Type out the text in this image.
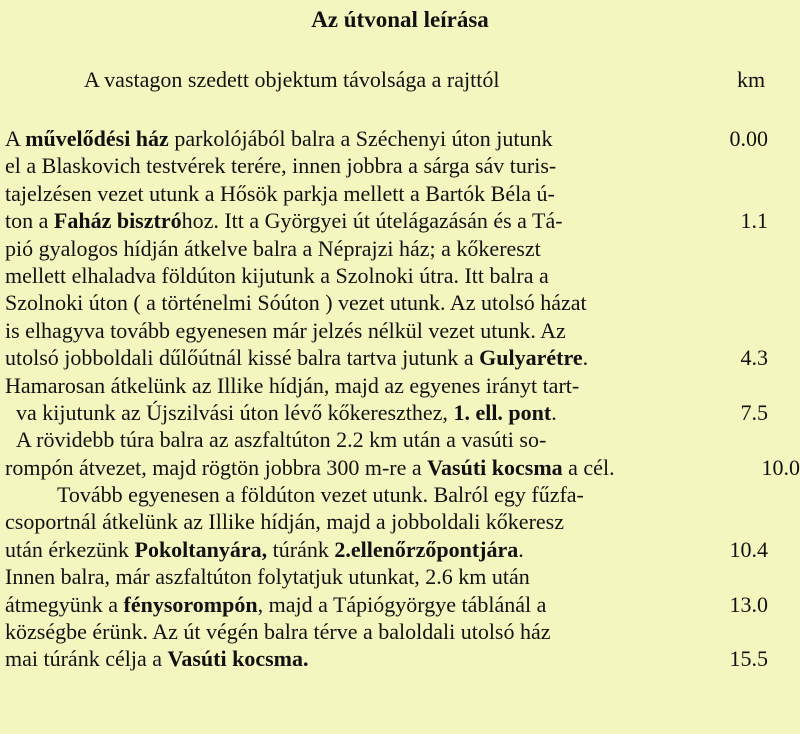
Az útvonal leírása
A vastagon szedett objektum távolsága a rajttól	km
A művelődési ház parkolójából balra a Széchenyi úton jutunk	0.00
el a Blaskovich testvérek terére, innen jobbra a sárga sáv turis-
tajelzésen vezet utunk a Hősök parkja mellett a Bartók Béla ú-
ton a Faház bisztróhoz. Itt a Györgyei út útelágazásán és a Tá-	1.1
pió gyalogos hídján átkelve balra a Néprajzi ház; a kőkereszt
mellett elhaladva földúton kijutunk a Szolnoki útra. Itt balra a
Szolnoki úton ( a történelmi Sóúton ) vezet utunk. Az utolsó házat
is elhagyva tovább egyenesen már jelzés nélkül vezet utunk. Az
utolsó jobboldali dűlőútnál kissé balra tartva jutunk a Gulyarétre.	4.3
Hamarosan átkelünk az Illike hídján, majd az egyenes irányt tart-
va kijutunk az Újszilvási úton lévő kőkereszthez, 1. ell. pont.	7.5
A rövidebb túra balra az aszfaltúton 2.2 km után a vasúti so-
rompón átvezet, majd rögtön jobbra 300 m-re a Vasúti kocsma a cél.	10.0
Tovább egyenesen a földúton vezet utunk. Balról egy fűzfa-
csoportnál átkelünk az Illike hídján, majd a jobboldali kőkeresz
után érkezünk Pokoltanyára, túránk 2.ellenőrzőpontjára.	10.4
Innen balra, már aszfaltúton folytatjuk utunkat, 2.6 km után
átmegyünk a fénysorompón, majd a Tápiógyörgye táblánál a	13.0
községbe érünk. Az út végén balra térve a baloldali utolsó ház
mai túránk célja a Vasúti kocsma.	15.5
